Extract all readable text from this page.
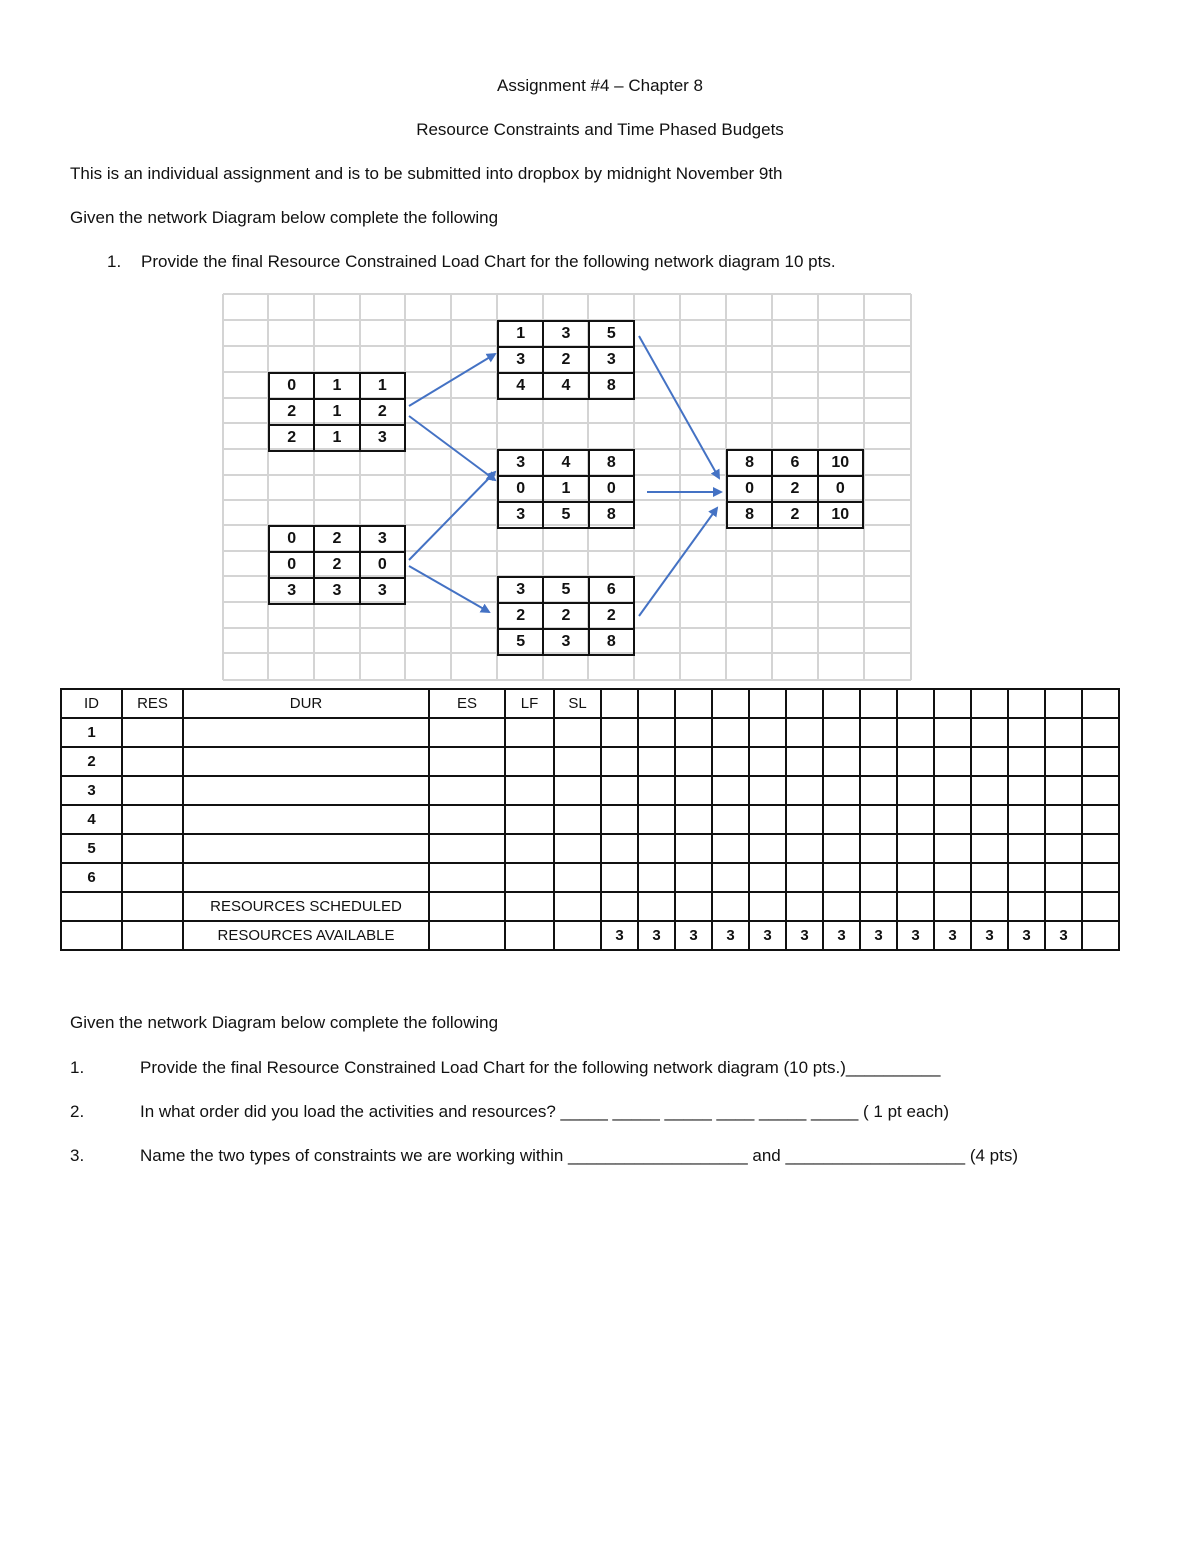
Assignment #4 – Chapter 8
Resource Constraints and Time Phased Budgets
This is an individual assignment and is to be submitted into dropbox by midnight November 9th
Given the network Diagram below complete the following
1. Provide the final Resource Constrained Load Chart for the following network diagram 10 pts.
0	1	1
2	1	2
2	1	3
0	2	3
0	2	0
3	3	3
1	3	5
3	2	3
4	4	8
3	4	8
0	1	0
3	5	8
3	5	6
2	2	2
5	3	8
8	6	10
0	2	0
8	2	10
ID	RES	DUR	ES	LF	SL														
1																			
2																			
3																			
4																			
5																			
6																			
		RESOURCES SCHEDULED																	
		RESOURCES AVAILABLE				3	3	3	3	3	3	3	3	3	3	3	3	3	
Given the network Diagram below complete the following
1.	Provide the final Resource Constrained Load Chart for the following network diagram (10 pts.)__________
2.	In what order did you load the activities and resources? _____ _____ _____ ____ _____ _____ ( 1 pt each)
3.	Name the two types of constraints we are working within ___________________ and ___________________ (4 pts)
